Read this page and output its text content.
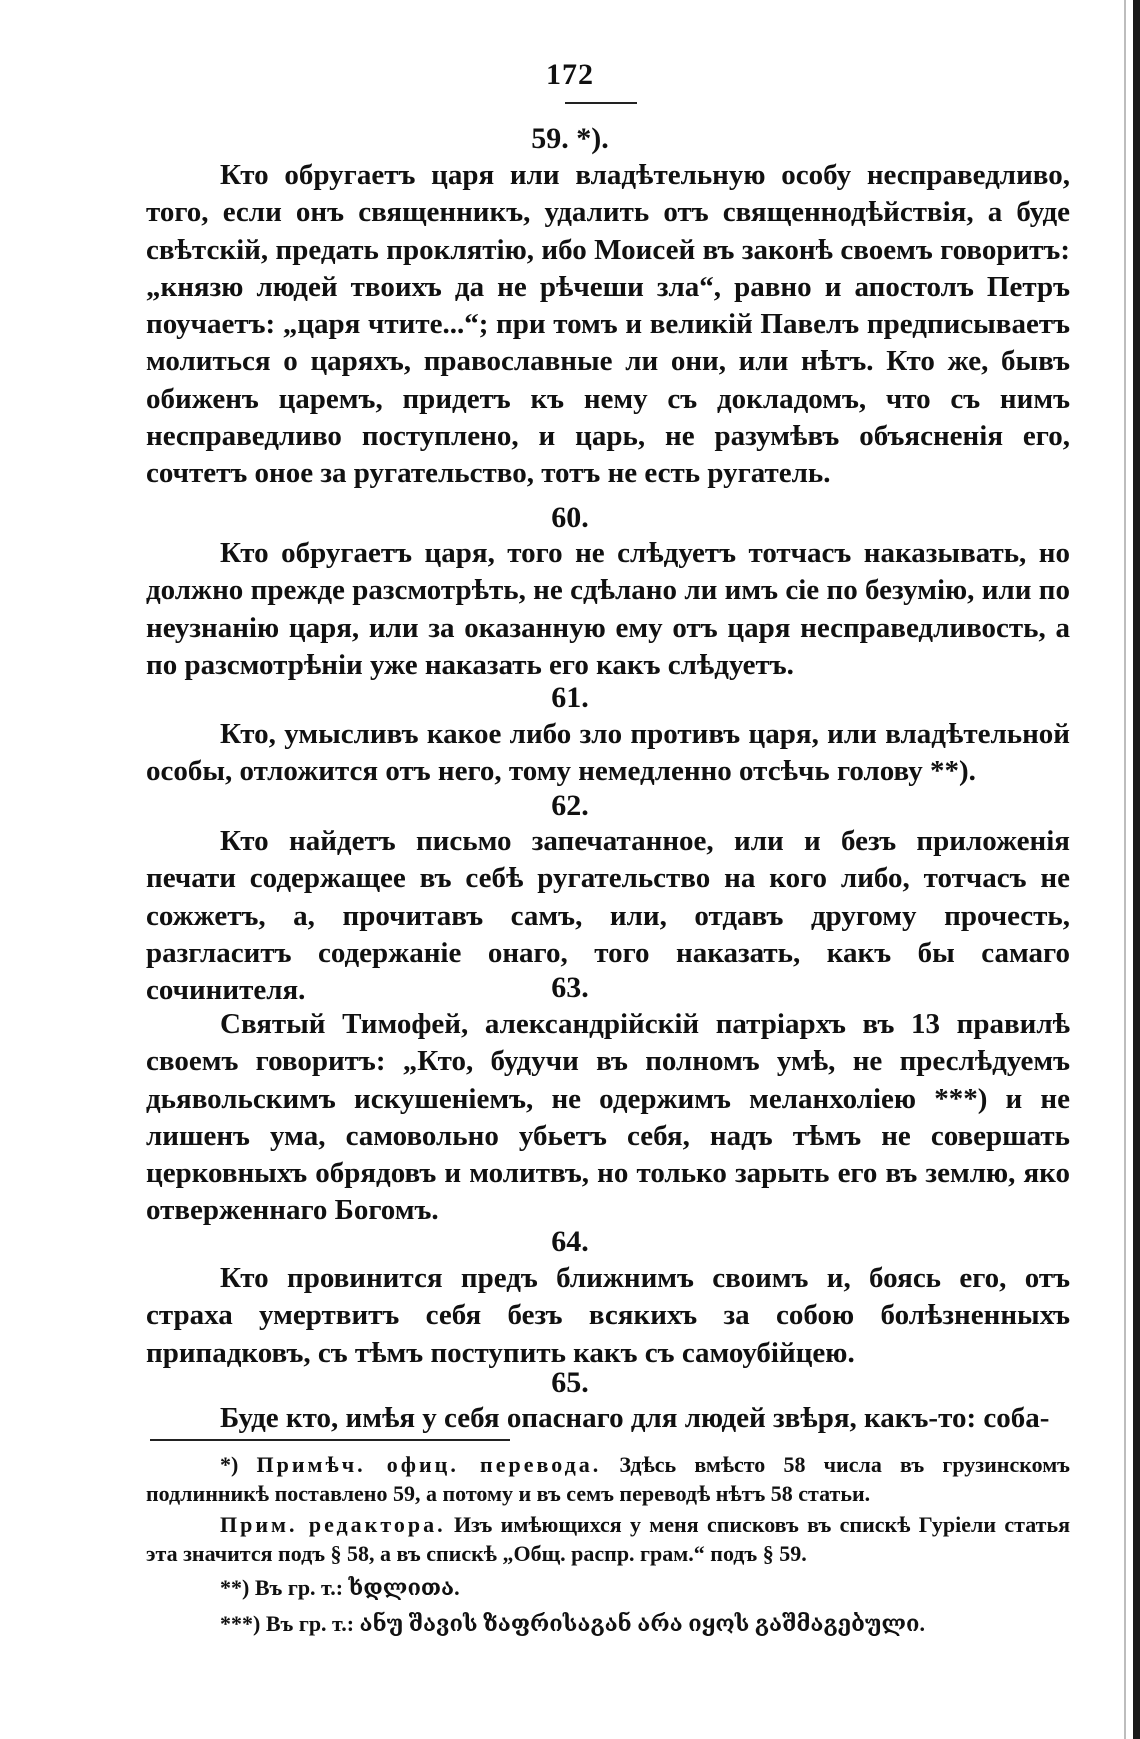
172
59. *).
Кто обругаетъ царя или владѣтельную особу несправедливо, того, если онъ священникъ, удалить отъ священнодѣйствія, а буде свѣтскій, предать проклятію, ибо Моисей въ законѣ своемъ говоритъ: „князю людей твоихъ да не рѣчеши зла“, равно и апостолъ Петръ поучаетъ: „царя чтите...“; при томъ и великій Павелъ предписываетъ молиться о царяхъ, православные ли они, или нѣтъ. Кто же, бывъ обиженъ царемъ, придетъ къ нему съ докладомъ, что съ нимъ несправедливо поступлено, и царь, не разумѣвъ объясненія его, сочтетъ оное за ругательство, тотъ не есть ругатель.
60.
Кто обругаетъ царя, того не слѣдуетъ тотчасъ наказывать, но должно прежде разсмотрѣть, не сдѣлано ли имъ сіе по безумію, или по неузнанію царя, или за оказанную ему отъ царя несправедливость, а по разсмотрѣніи уже наказать его какъ слѣдуетъ.
61.
Кто, умысливъ какое либо зло противъ царя, или владѣтельной особы, отложится отъ него, тому немедленно отсѣчь голову **).
62.
Кто найдетъ письмо запечатанное, или и безъ приложенія печати содержащее въ себѣ ругательство на кого либо, тотчасъ не сожжетъ, а, прочитавъ самъ, или, отдавъ другому прочесть, разгласитъ содержаніе онаго, того наказать, какъ бы самаго сочинителя.	63.
Святый Тимофей, александрійскій патріархъ въ 13 правилѣ своемъ говоритъ: „Кто, будучи въ полномъ умѣ, не преслѣдуемъ дьявольскимъ искушеніемъ, не одержимъ меланхоліею ***) и не лишенъ ума, самовольно убьетъ себя, надъ тѣмъ не совершать церковныхъ обрядовъ и молитвъ, но только зарыть его въ землю, яко отверженнаго Богомъ.
64.
Кто провинится предъ ближнимъ своимъ и, боясь его, отъ страха умертвитъ себя безъ всякихъ за собою болѣзненныхъ припадковъ, съ тѣмъ поступить какъ съ самоубійцею.
65.
Буде кто, имѣя у себя опаснаго для людей звѣря, какъ-то: соба-
*) Примѣч. офиц. перевода. Здѣсь вмѣсто 58 числа въ грузинскомъ подлинникѣ поставлено 59, а потому и въ семъ переводѣ нѣтъ 58 статьи.
Прим. редактора. Изъ имѣющихся у меня списковъ въ спискѣ Гуріели статья эта значится подъ § 58, а въ спискѣ „Общ. распр. грам.“ подъ § 59.
**) Въ гр. т.: ხდლითა.
***) Въ гр. т.: ანუ შავის ზაფრისაგან არა იყოს გაშმაგებული.
